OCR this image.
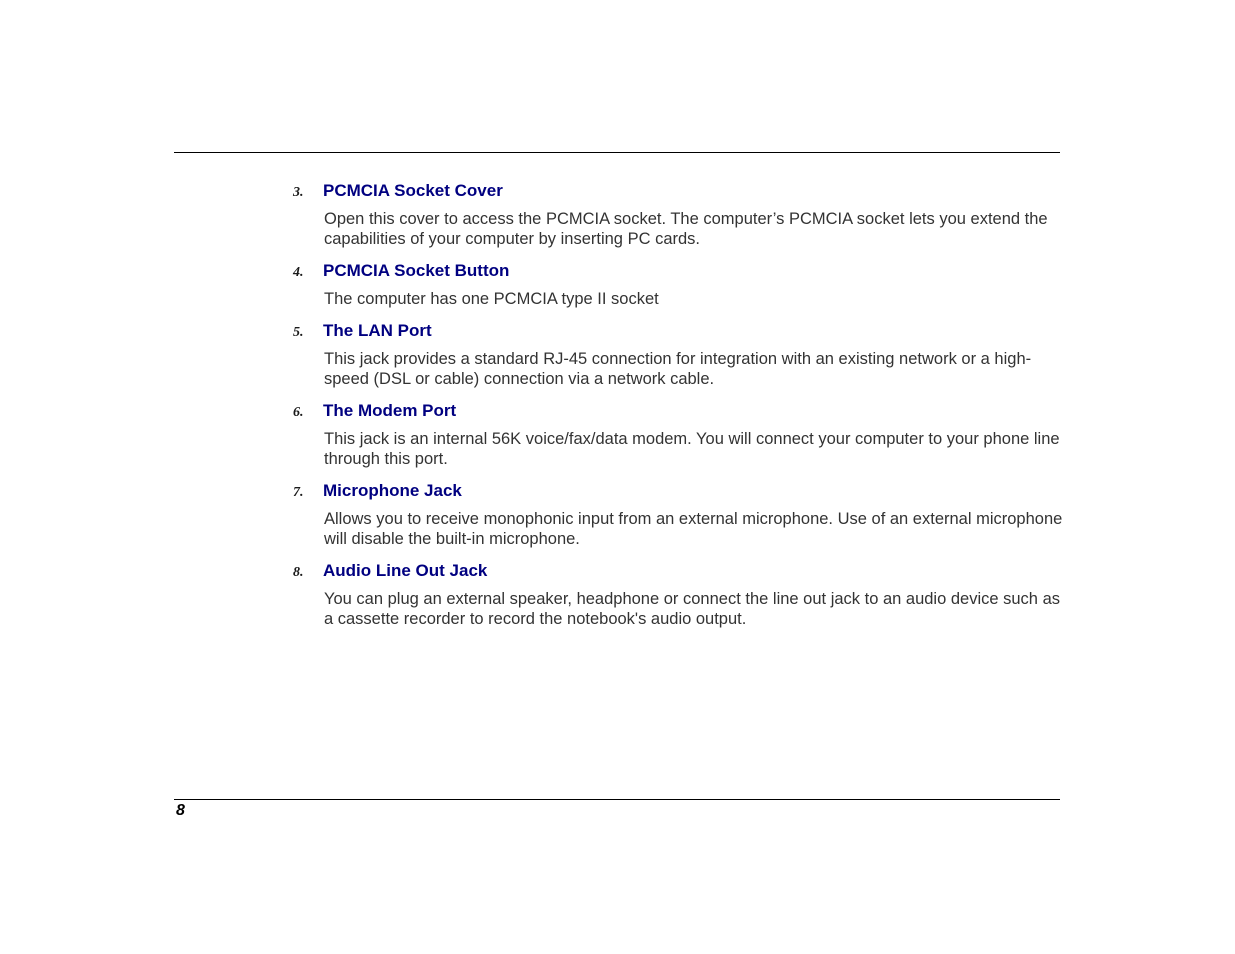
3.	PCMCIA Socket Cover
Open this cover to access the PCMCIA socket. The computer’s PCMCIA socket lets you extend the capabilities of your computer by inserting PC cards.
4.	PCMCIA Socket Button
The computer has one PCMCIA type II socket
5.	The LAN Port
This jack provides a standard RJ-45 connection for integration with an existing network or a high-speed (DSL or cable) connection via a network cable.
6.	The Modem Port
This jack is an internal 56K voice/fax/data modem. You will connect your computer to your phone line through this port.
7.	Microphone Jack
Allows you to receive monophonic input from an external microphone. Use of an external microphone will disable the built-in microphone.
8.	Audio Line Out Jack
You can plug an external speaker, headphone or connect the line out jack to an audio device such as a cassette recorder to record the notebook's audio output.
8
